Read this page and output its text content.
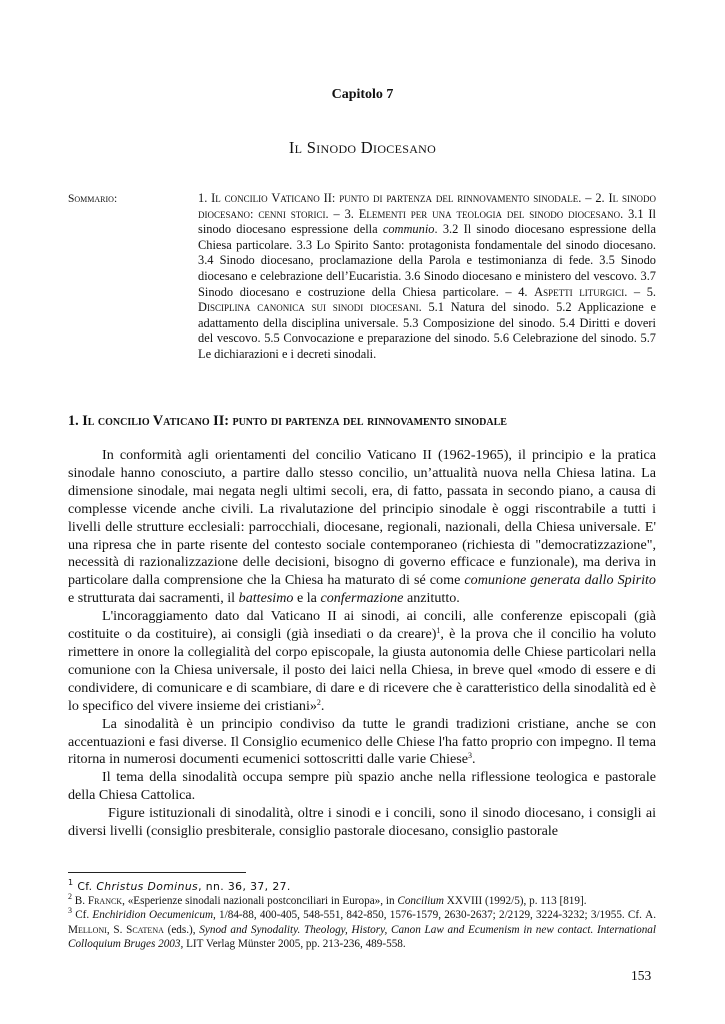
Capitolo 7
Il Sinodo Diocesano
Sommario:	1. Il concilio Vaticano II: punto di partenza del rinnovamento sinodale. – 2. Il sinodo diocesano: cenni storici. – 3. Elementi per una teologia del sinodo diocesano. 3.1 Il sinodo diocesano espressione della communio. 3.2 Il sinodo diocesano espressione della Chiesa particolare. 3.3 Lo Spirito Santo: protagonista fondamentale del sinodo diocesano. 3.4 Sinodo diocesano, proclamazione della Parola e testimonianza di fede. 3.5 Sinodo diocesano e celebrazione dell’Eucaristia. 3.6 Sinodo diocesano e ministero del vescovo. 3.7 Sinodo diocesano e costruzione della Chiesa particolare. – 4. Aspetti liturgici. – 5. Disciplina canonica sui sinodi diocesani. 5.1 Natura del sinodo. 5.2 Applicazione e adattamento della disciplina universale. 5.3 Composizione del sinodo. 5.4 Diritti e doveri del vescovo. 5.5 Convocazione e preparazione del sinodo. 5.6 Celebrazione del sinodo. 5.7 Le dichiarazioni e i decreti sinodali.
1. Il concilio Vaticano II: punto di partenza del rinnovamento sinodale

In conformità agli orientamenti del concilio Vaticano II (1962-1965), il principio e la pratica sinodale hanno conosciuto, a partire dallo stesso concilio, un’attualità nuova nella Chiesa latina. La dimensione sinodale, mai negata negli ultimi secoli, era, di fatto, passata in secondo piano, a causa di complesse vicende anche civili. La rivalutazione del principio sinodale è oggi riscontrabile a tutti i livelli delle strutture ecclesiali: parrocchiali, diocesane, regionali, nazionali, della Chiesa universale. E' una ripresa che in parte risente del contesto sociale contemporaneo (richiesta di "democratizzazione", necessità di razionalizzazione delle decisioni, bisogno di governo efficace e funzionale), ma deriva in particolare dalla comprensione che la Chiesa ha maturato di sé come comunione generata dallo Spirito e strutturata dai sacramenti, il battesimo e la confermazione anzitutto.

L'incoraggiamento dato dal Vaticano II ai sinodi, ai concili, alle conferenze episcopali (già costituite o da costituire), ai consigli (già insediati o da creare)$^1$, è la prova che il concilio ha voluto rimettere in onore la collegialità del corpo episcopale, la giusta autonomia delle Chiese particolari nella comunione con la Chiesa universale, il posto dei laici nella Chiesa, in breve quel «modo di essere e di condividere, di comunicare e di scambiare, di dare e di ricevere che è caratteristico della sinodalità ed è lo specifico del vivere insieme dei cristiani»$^2$.

La sinodalità è un principio condiviso da tutte le grandi tradizioni cristiane, anche se con accentuazioni e fasi diverse. Il Consiglio ecumenico delle Chiese l'ha fatto proprio con impegno. Il tema ritorna in numerosi documenti ecumenici sottoscritti dalle varie Chiese$^3$.

Il tema della sinodalità occupa sempre più spazio anche nella riflessione teologica e pastorale della Chiesa Cattolica.

Figure istituzionali di sinodalità, oltre i sinodi e i concili, sono il sinodo diocesano, i consigli ai diversi livelli (consiglio presbiterale, consiglio pastorale diocesano, consiglio pastorale

$^1$ Cf. Christus Dominus, nn. 36, 37, 27.

$^2$ B. Franck, «Esperienze sinodali nazionali postconciliari in Europa», in Concilium XXVIII (1992/5), p. 113 [819].

$^3$ Cf. Enchiridion Oecumenicum, 1/84-88, 400-405, 548-551, 842-850, 1576-1579, 2630-2637; 2/2129, 3224-3232; 3/1955. Cf. A. Melloni, S. Scatena (eds.), Synod and Synodality. Theology, History, Canon Law and Ecumenism in new contact. International Colloquium Bruges 2003, LIT Verlag Münster 2005, pp. 213-236, 489-558.

153
